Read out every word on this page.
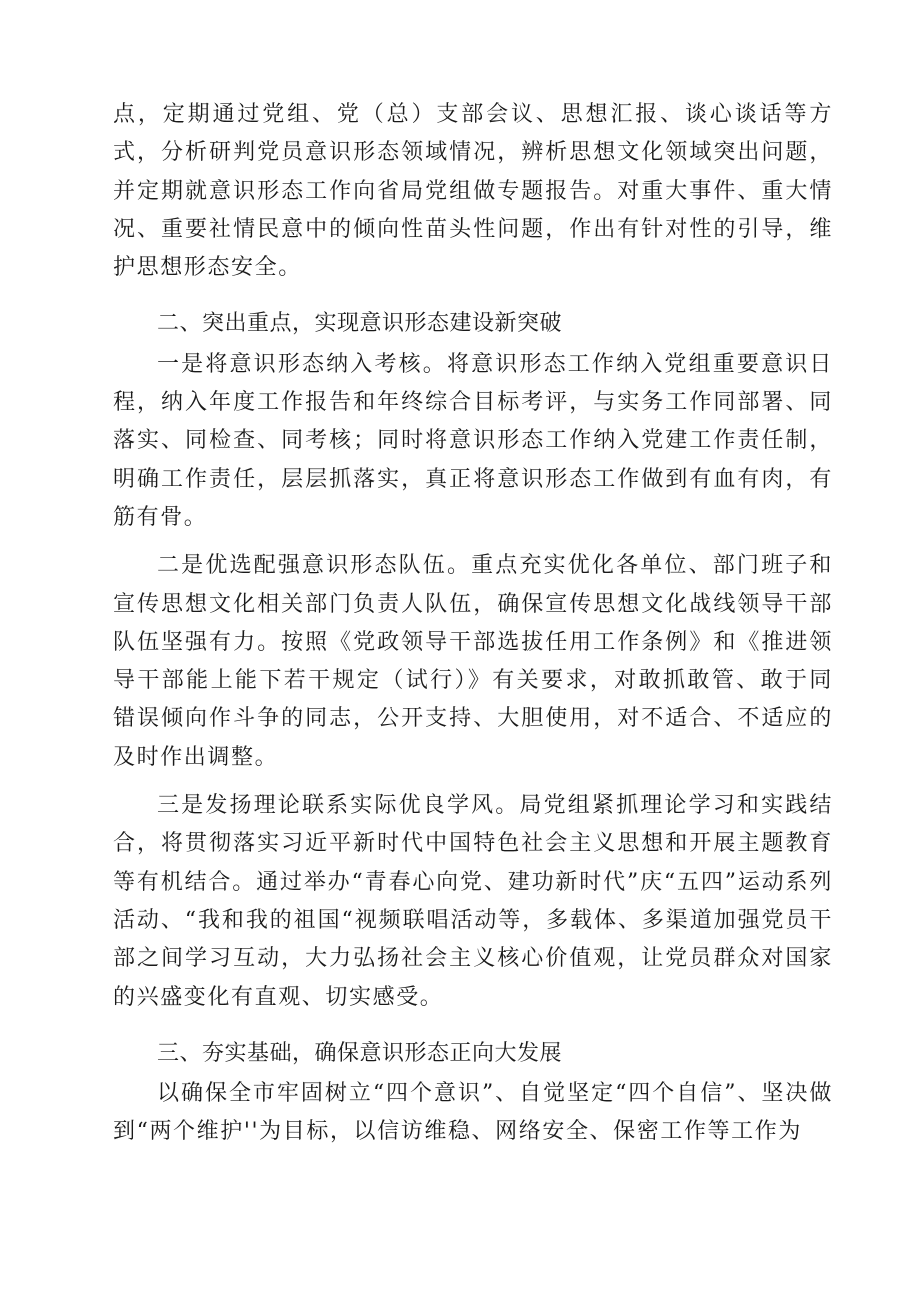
点，定期通过党组、党（总）支部会议、思想汇报、谈心谈话等方式，分析研判党员意识形态领域情况，辨析思想文化领域突出问题，并定期就意识形态工作向省局党组做专题报告。对重大事件、重大情况、重要社情民意中的倾向性苗头性问题，作出有针对性的引导，维护思想形态安全。

二、突出重点，实现意识形态建设新突破

一是将意识形态纳入考核。将意识形态工作纳入党组重要意识日程，纳入年度工作报告和年终综合目标考评，与实务工作同部署、同落实、同检查、同考核；同时将意识形态工作纳入党建工作责任制，明确工作责任，层层抓落实，真正将意识形态工作做到有血有肉，有筋有骨。

二是优选配强意识形态队伍。重点充实优化各单位、部门班子和宣传思想文化相关部门负责人队伍，确保宣传思想文化战线领导干部队伍坚强有力。按照《党政领导干部选拔任用工作条例》和《推进领导干部能上能下若干规定（试行）》有关要求，对敢抓敢管、敢于同错误倾向作斗争的同志，公开支持、大胆使用，对不适合、不适应的及时作出调整。

三是发扬理论联系实际优良学风。局党组紧抓理论学习和实践结合，将贯彻落实习近平新时代中国特色社会主义思想和开展主题教育等有机结合。通过举办“青春心向党、建功新时代”庆“五四”运动系列活动、“我和我的祖国“视频联唱活动等，多载体、多渠道加强党员干部之间学习互动，大力弘扬社会主义核心价值观，让党员群众对国家的兴盛变化有直观、切实感受。

三、夯实基础，确保意识形态正向大发展

以确保全市牢固树立“四个意识”、自觉坚定“四个自信”、坚决做到“两个维护''为目标，以信访维稳、网络安全、保密工作等工作为
